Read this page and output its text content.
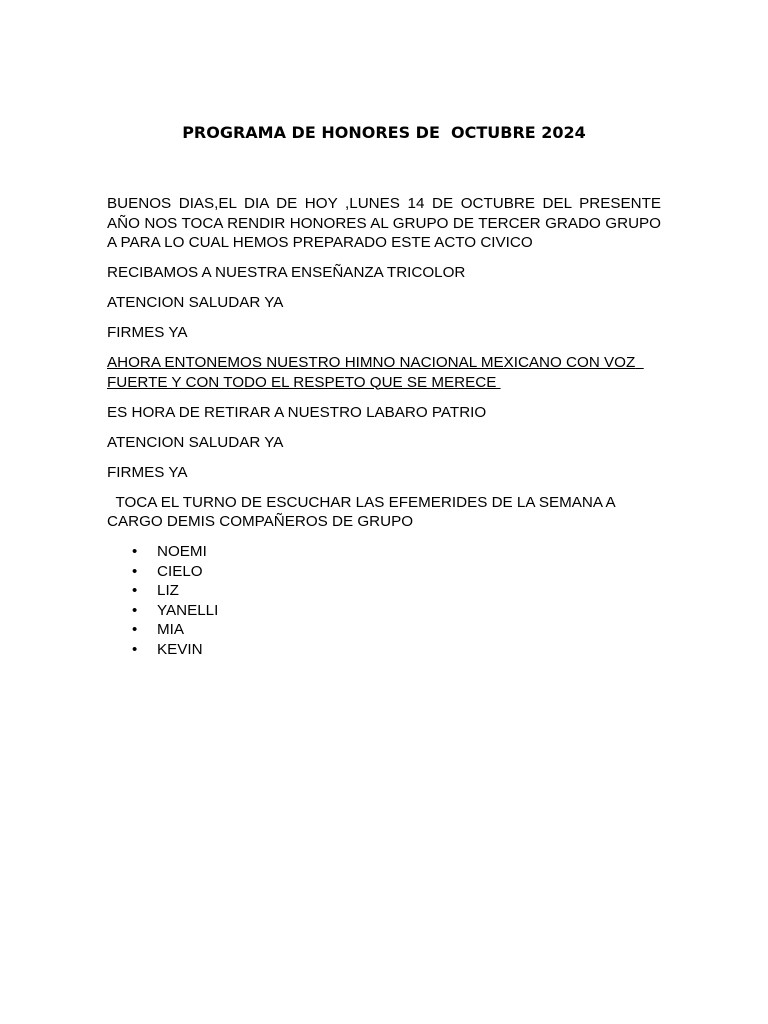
PROGRAMA DE HONORES DE  OCTUBRE 2024

BUENOS DIAS,EL DIA DE HOY ,LUNES 14 DE OCTUBRE DEL PRESENTE AÑO NOS TOCA RENDIR HONORES AL GRUPO DE TERCER GRADO GRUPO A PARA LO CUAL HEMOS PREPARADO ESTE ACTO CIVICO

RECIBAMOS A NUESTRA ENSEÑANZA TRICOLOR

ATENCION SALUDAR YA

FIRMES YA

AHORA ENTONEMOS NUESTRO HIMNO NACIONAL MEXICANO CON VOZ  FUERTE Y CON TODO EL RESPETO QUE SE MERECE

ES HORA DE RETIRAR A NUESTRO LABARO PATRIO

ATENCION SALUDAR YA

FIRMES YA

TOCA EL TURNO DE ESCUCHAR LAS EFEMERIDES DE LA SEMANA A CARGO DEMIS COMPAÑEROS DE GRUPO

• NOEMI
• CIELO
• LIZ
• YANELLI
• MIA
• KEVIN
